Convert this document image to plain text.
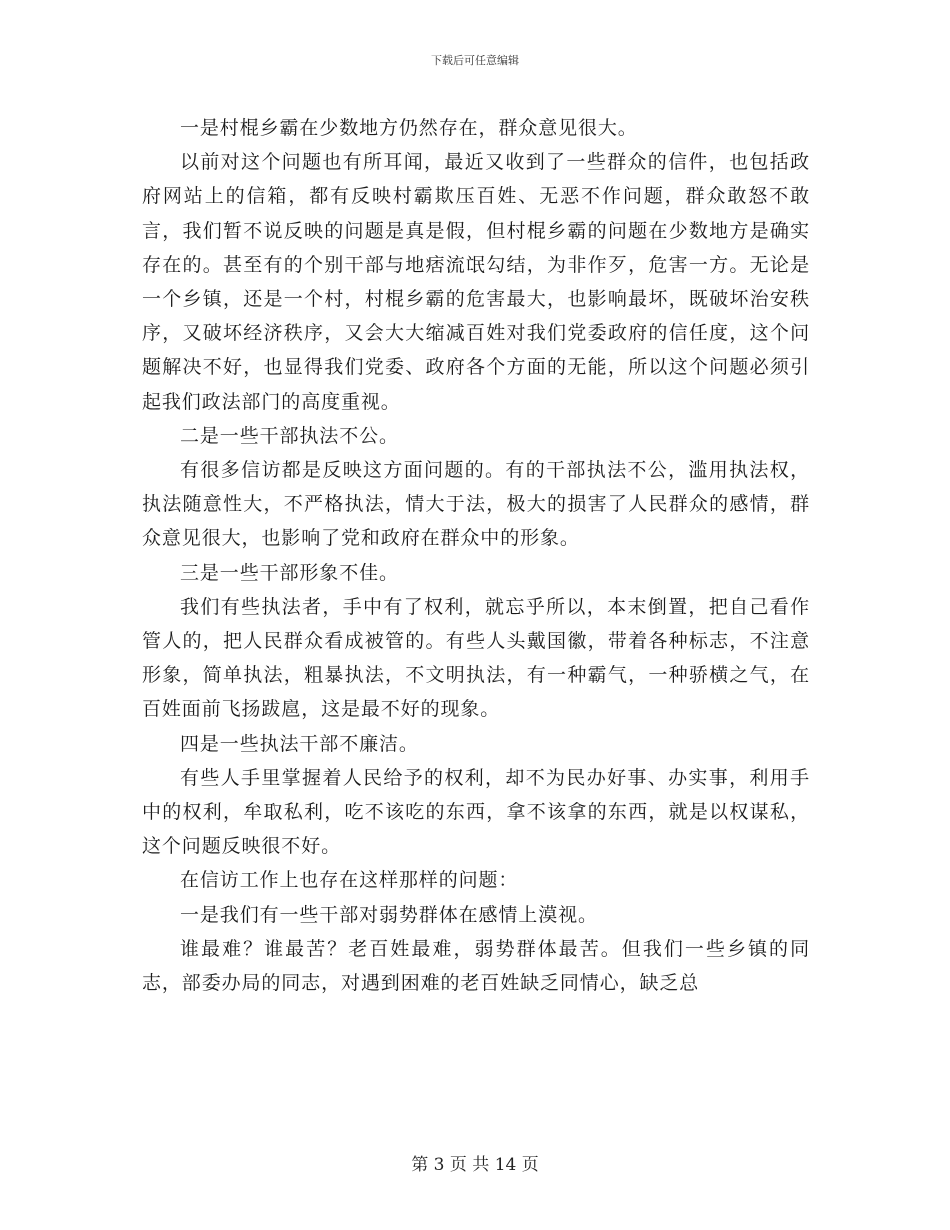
下载后可任意编辑

一是村棍乡霸在少数地方仍然存在，群众意见很大。

以前对这个问题也有所耳闻，最近又收到了一些群众的信件，也包括政府网站上的信箱，都有反映村霸欺压百姓、无恶不作问题，群众敢怒不敢言，我们暂不说反映的问题是真是假，但村棍乡霸的问题在少数地方是确实存在的。甚至有的个别干部与地痞流氓勾结，为非作歹，危害一方。无论是一个乡镇，还是一个村，村棍乡霸的危害最大，也影响最坏，既破坏治安秩序，又破坏经济秩序，又会大大缩减百姓对我们党委政府的信任度，这个问题解决不好，也显得我们党委、政府各个方面的无能，所以这个问题必须引起我们政法部门的高度重视。

二是一些干部执法不公。

有很多信访都是反映这方面问题的。有的干部执法不公，滥用执法权，执法随意性大，不严格执法，情大于法，极大的损害了人民群众的感情，群众意见很大，也影响了党和政府在群众中的形象。

三是一些干部形象不佳。

我们有些执法者，手中有了权利，就忘乎所以，本末倒置，把自己看作管人的，把人民群众看成被管的。有些人头戴国徽，带着各种标志，不注意形象，简单执法，粗暴执法，不文明执法，有一种霸气，一种骄横之气，在百姓面前飞扬跋扈，这是最不好的现象。

四是一些执法干部不廉洁。

有些人手里掌握着人民给予的权利，却不为民办好事、办实事，利用手中的权利，牟取私利，吃不该吃的东西，拿不该拿的东西，就是以权谋私，这个问题反映很不好。

在信访工作上也存在这样那样的问题：

一是我们有一些干部对弱势群体在感情上漠视。

谁最难？谁最苦？老百姓最难，弱势群体最苦。但我们一些乡镇的同志，部委办局的同志，对遇到困难的老百姓缺乏同情心，缺乏总

第 3 页 共 14 页
